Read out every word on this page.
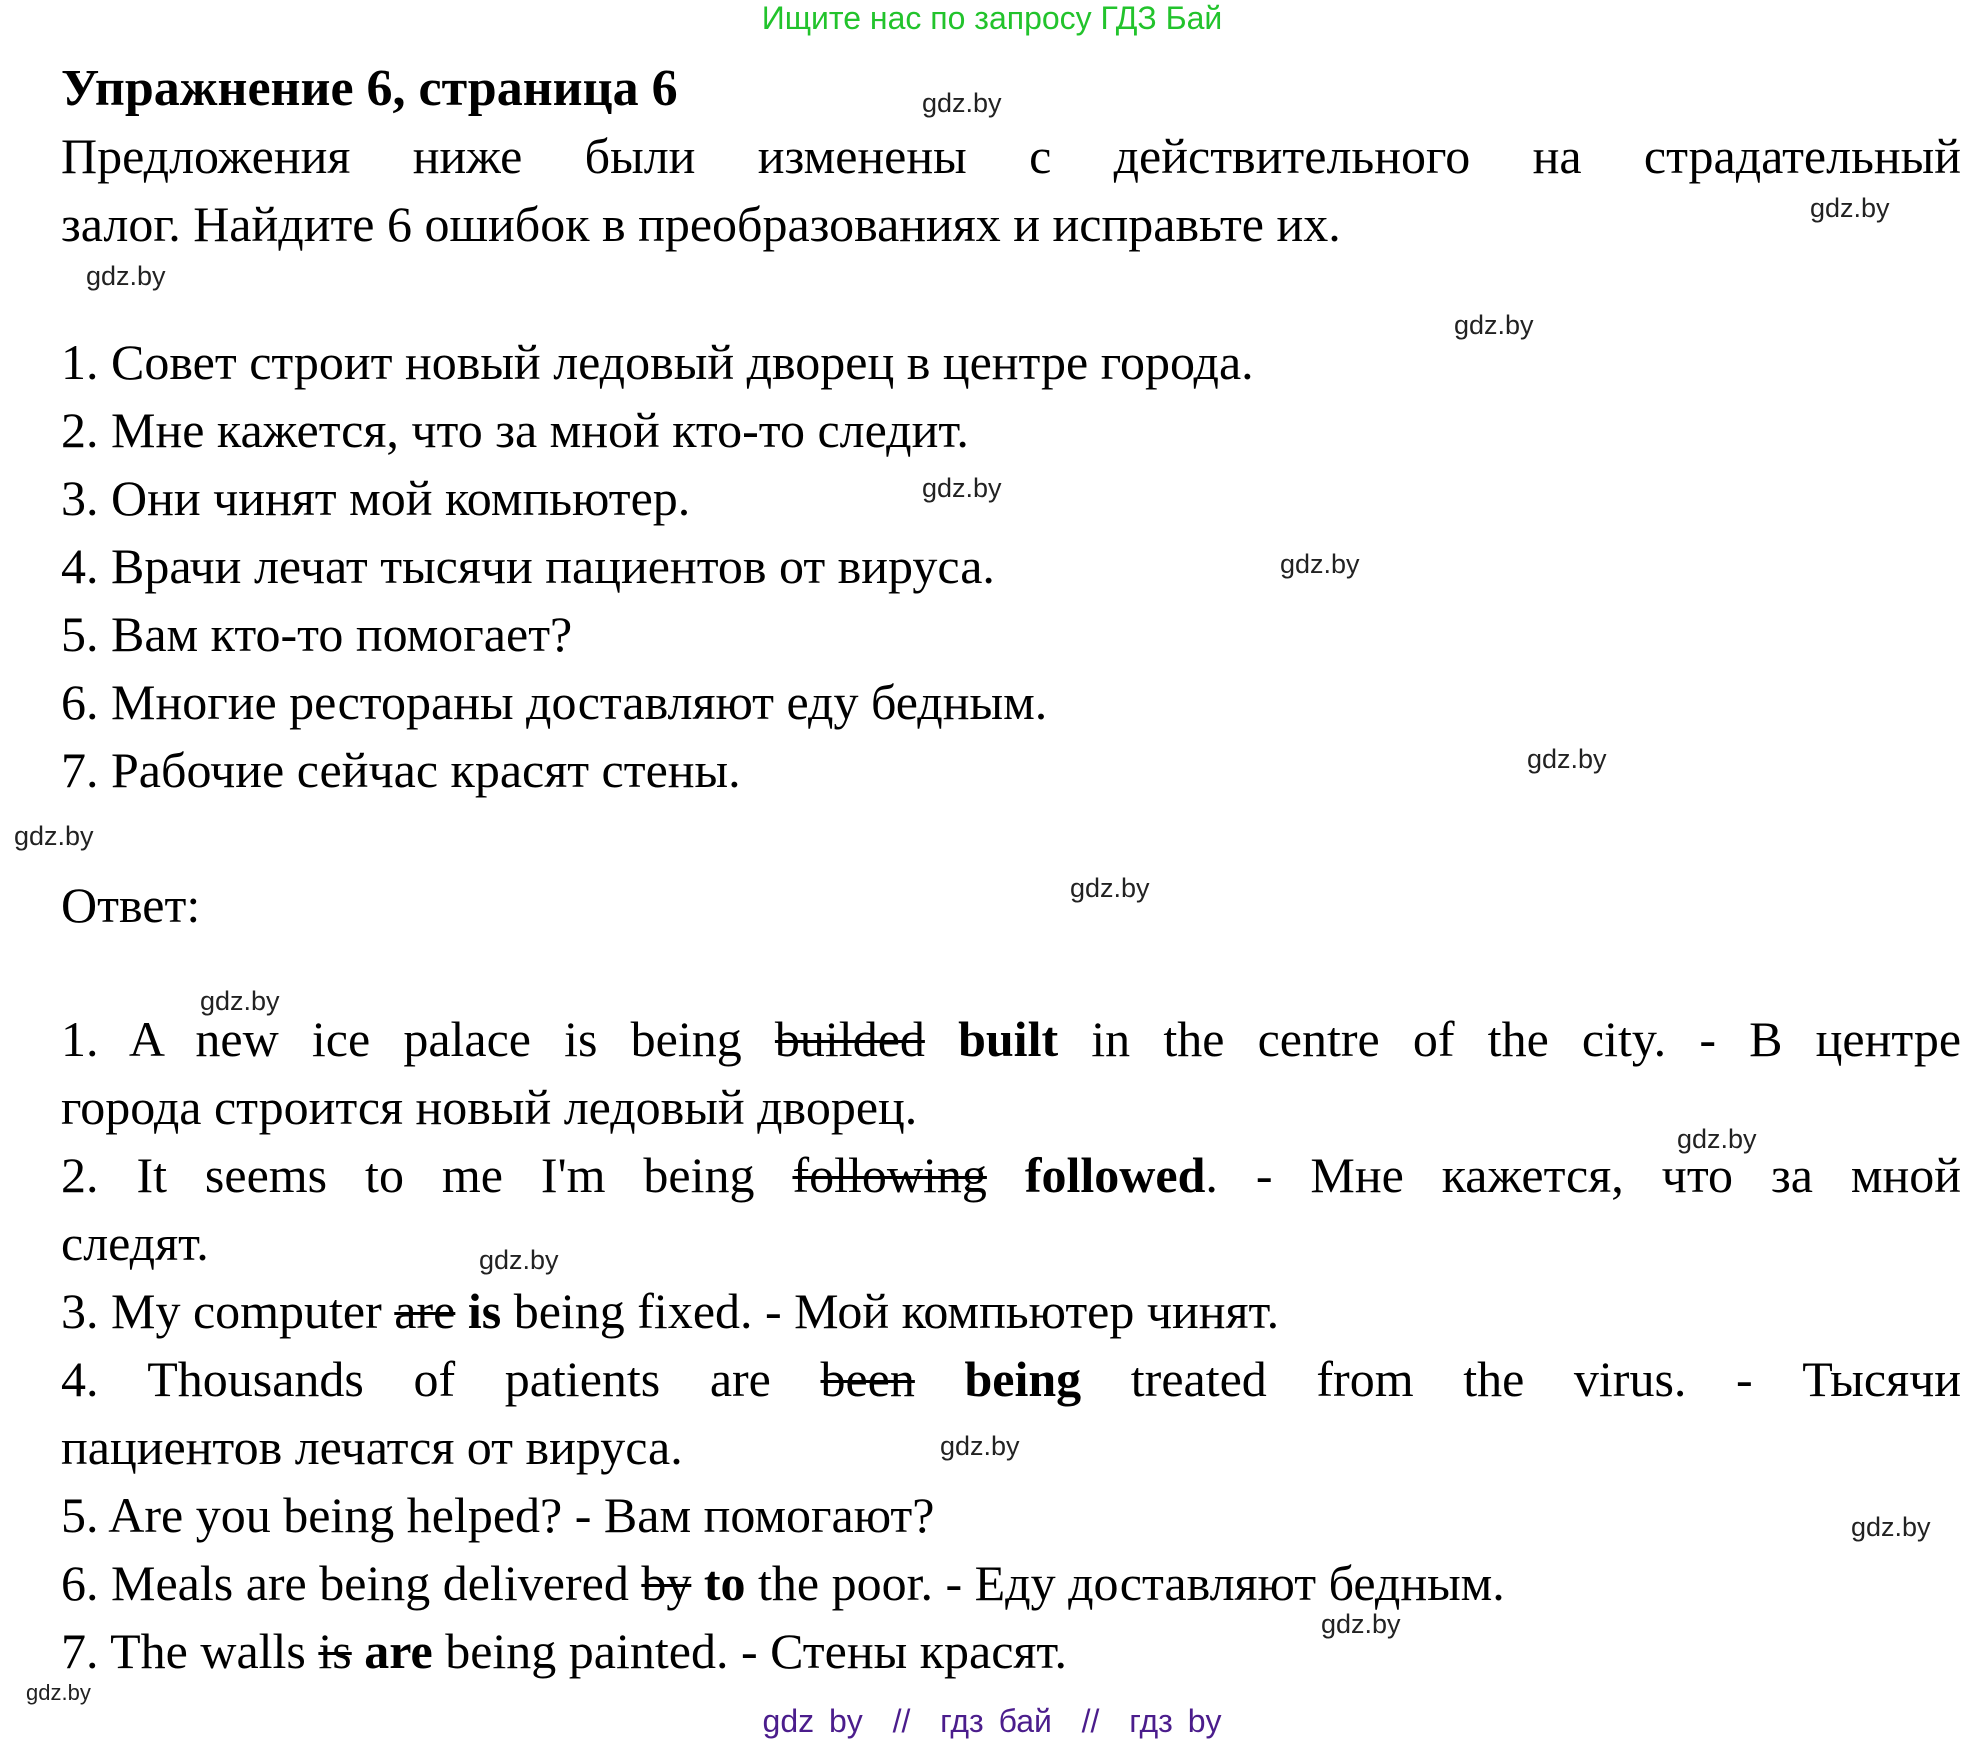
Ищите нас по запросу ГДЗ Бай
Упражнение 6, страница 6
Предложения ниже были изменены с действительного на страдательный
залог. Найдите 6 ошибок в преобразованиях и исправьте их.
1. Совет строит новый ледовый дворец в центре города.
2. Мне кажется, что за мной кто-то следит.
3. Они чинят мой компьютер.
4. Врачи лечат тысячи пациентов от вируса.
5. Вам кто-то помогает?
6. Многие рестораны доставляют еду бедным.
7. Рабочие сейчас красят стены.
Ответ:
1. A new ice palace is being builded built in the centre of the city. - В центре
города строится новый ледовый дворец.
2. It seems to me I'm being following followed. - Мне кажется, что за мной
следят.
3. My computer are is being fixed. - Мой компьютер чинят.
4. Thousands of patients are been being treated from the virus. - Тысячи
пациентов лечатся от вируса.
5. Are you being helped? - Вам помогают?
6. Meals are being delivered by to the poor. - Еду доставляют бедным.
7. The walls is are being painted. - Стены красят.
gdz.by
gdz.by
gdz.by
gdz.by
gdz.by
gdz.by
gdz.by
gdz.by
gdz.by
gdz.by
gdz.by
gdz.by
gdz.by
gdz.by
gdz.by
gdz.by
gdz by  //  гдз бай  //  гдз by
